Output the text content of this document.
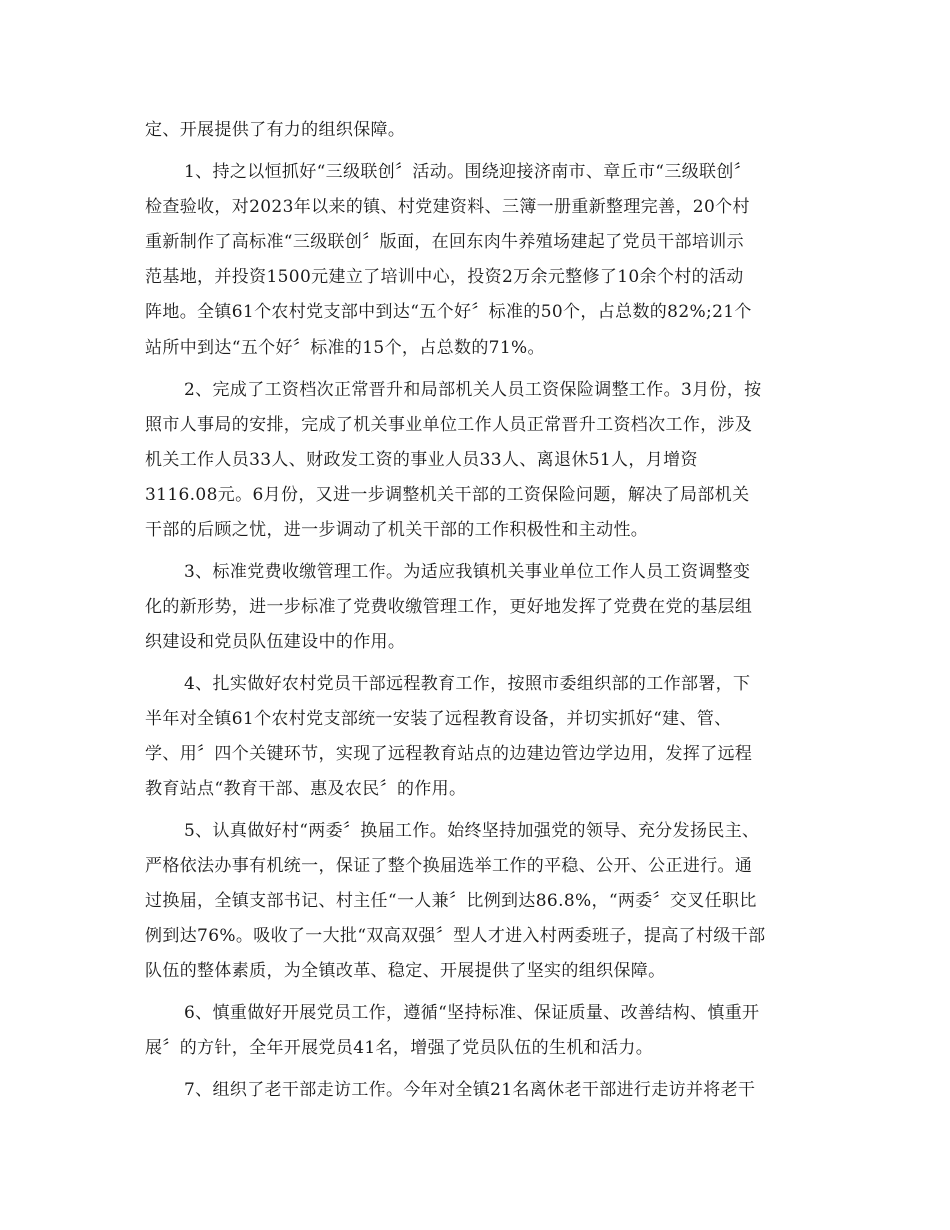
定、开展提供了有力的组织保障。
1、持之以恒抓好“三级联创〞活动。围绕迎接济南市、章丘市“三级联创〞
检查验收，对2023年以来的镇、村党建资料、三簿一册重新整理完善，20个村
重新制作了高标准“三级联创〞版面，在回东肉牛养殖场建起了党员干部培训示
范基地，并投资1500元建立了培训中心，投资2万余元整修了10余个村的活动
阵地。全镇61个农村党支部中到达“五个好〞标准的50个，占总数的82%;21个
站所中到达“五个好〞标准的15个，占总数的71%。
2、完成了工资档次正常晋升和局部机关人员工资保险调整工作。3月份，按
照市人事局的安排，完成了机关事业单位工作人员正常晋升工资档次工作，涉及
机关工作人员33人、财政发工资的事业人员33人、离退休51人，月增资
3116.08元。6月份，又进一步调整机关干部的工资保险问题，解决了局部机关
干部的后顾之忧，进一步调动了机关干部的工作积极性和主动性。
3、标准党费收缴管理工作。为适应我镇机关事业单位工作人员工资调整变
化的新形势，进一步标准了党费收缴管理工作，更好地发挥了党费在党的基层组
织建设和党员队伍建设中的作用。
4、扎实做好农村党员干部远程教育工作，按照市委组织部的工作部署，下
半年对全镇61个农村党支部统一安装了远程教育设备，并切实抓好“建、管、
学、用〞四个关键环节，实现了远程教育站点的边建边管边学边用，发挥了远程
教育站点“教育干部、惠及农民〞的作用。
5、认真做好村“两委〞换届工作。始终坚持加强党的领导、充分发扬民主、
严格依法办事有机统一，保证了整个换届选举工作的平稳、公开、公正进行。通
过换届，全镇支部书记、村主任“一人兼〞比例到达86.8%，“两委〞交叉任职比
例到达76%。吸收了一大批“双高双强〞型人才进入村两委班子，提高了村级干部
队伍的整体素质，为全镇改革、稳定、开展提供了坚实的组织保障。
6、慎重做好开展党员工作，遵循“坚持标准、保证质量、改善结构、慎重开
展〞的方针，全年开展党员41名，增强了党员队伍的生机和活力。
7、组织了老干部走访工作。今年对全镇21名离休老干部进行走访并将老干
